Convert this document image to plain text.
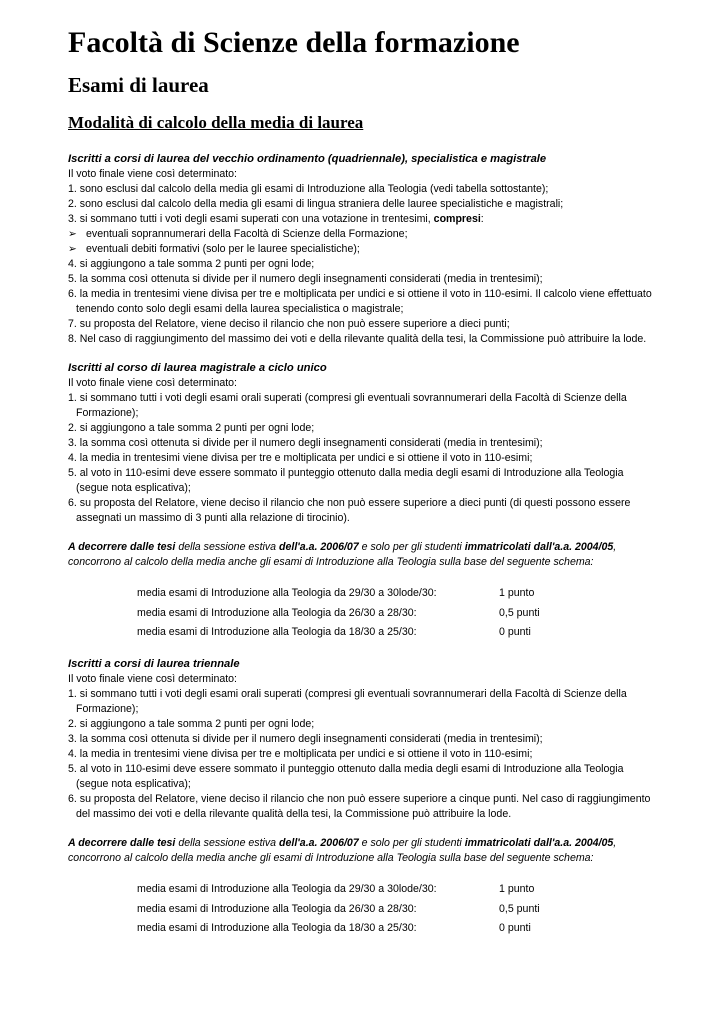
Facoltà di Scienze della formazione
Esami di laurea
Modalità di calcolo della media di laurea
Iscritti a corsi di laurea del vecchio ordinamento (quadriennale), specialistica e magistrale
Il voto finale viene così determinato:
1. sono esclusi dal calcolo della media gli esami di Introduzione alla Teologia (vedi tabella sottostante);
2. sono esclusi dal calcolo della media gli esami di lingua straniera delle lauree specialistiche e magistrali;
3. si sommano tutti i voti degli esami superati con una votazione in trentesimi, compresi:
➢ eventuali soprannumerari della Facoltà di Scienze della Formazione;
➢ eventuali debiti formativi (solo per le lauree specialistiche);
4. si aggiungono a tale somma 2 punti per ogni lode;
5. la somma così ottenuta si divide per il numero degli insegnamenti considerati (media in trentesimi);
6. la media in trentesimi viene divisa per tre e moltiplicata per undici e si ottiene il voto in 110-esimi. Il calcolo viene effettuato tenendo conto solo degli esami della laurea specialistica o magistrale;
7. su proposta del Relatore, viene deciso il rilancio che non può essere superiore a dieci punti;
8. Nel caso di raggiungimento del massimo dei voti e della rilevante qualità della tesi, la Commissione può attribuire la lode.
Iscritti al corso di laurea magistrale a ciclo unico
Il voto finale viene così determinato:
1. si sommano tutti i voti degli esami orali superati (compresi gli eventuali sovrannumerari della Facoltà di Scienze della Formazione);
2. si aggiungono a tale somma 2 punti per ogni lode;
3. la somma così ottenuta si divide per il numero degli insegnamenti considerati (media in trentesimi);
4. la media in trentesimi viene divisa per tre e moltiplicata per undici e si ottiene il voto in 110-esimi;
5. al voto in 110-esimi deve essere sommato il punteggio ottenuto dalla media degli esami di Introduzione alla Teologia (segue nota esplicativa);
6. su proposta del Relatore, viene deciso il rilancio che non può essere superiore a dieci punti (di questi possono essere assegnati un massimo di 3 punti alla relazione di tirocinio).
A decorrere dalle tesi della sessione estiva dell'a.a. 2006/07 e solo per gli studenti immatricolati dall'a.a. 2004/05,
concorrono al calcolo della media anche gli esami di Introduzione alla Teologia sulla base del seguente schema:
media esami di Introduzione alla Teologia da 29/30 a 30lode/30:	1 punto
media esami di Introduzione alla Teologia da 26/30 a 28/30:	0,5 punti
media esami di Introduzione alla Teologia da 18/30 a 25/30:	0 punti
Iscritti a corsi di laurea triennale
Il voto finale viene così determinato:
1. si sommano tutti i voti degli esami orali superati (compresi gli eventuali sovrannumerari della Facoltà di Scienze della Formazione);
2. si aggiungono a tale somma 2 punti per ogni lode;
3. la somma così ottenuta si divide per il numero degli insegnamenti considerati (media in trentesimi);
4. la media in trentesimi viene divisa per tre e moltiplicata per undici e si ottiene il voto in 110-esimi;
5. al voto in 110-esimi deve essere sommato il punteggio ottenuto dalla media degli esami di Introduzione alla Teologia (segue nota esplicativa);
6. su proposta del Relatore, viene deciso il rilancio che non può essere superiore a cinque punti. Nel caso di raggiungimento del massimo dei voti e della rilevante qualità della tesi, la Commissione può attribuire la lode.
A decorrere dalle tesi della sessione estiva dell'a.a. 2006/07 e solo per gli studenti immatricolati dall'a.a. 2004/05,
concorrono al calcolo della media anche gli esami di Introduzione alla Teologia sulla base del seguente schema:
media esami di Introduzione alla Teologia da 29/30 a 30lode/30:	1 punto
media esami di Introduzione alla Teologia da 26/30 a 28/30:	0,5 punti
media esami di Introduzione alla Teologia da 18/30 a 25/30:	0 punti
